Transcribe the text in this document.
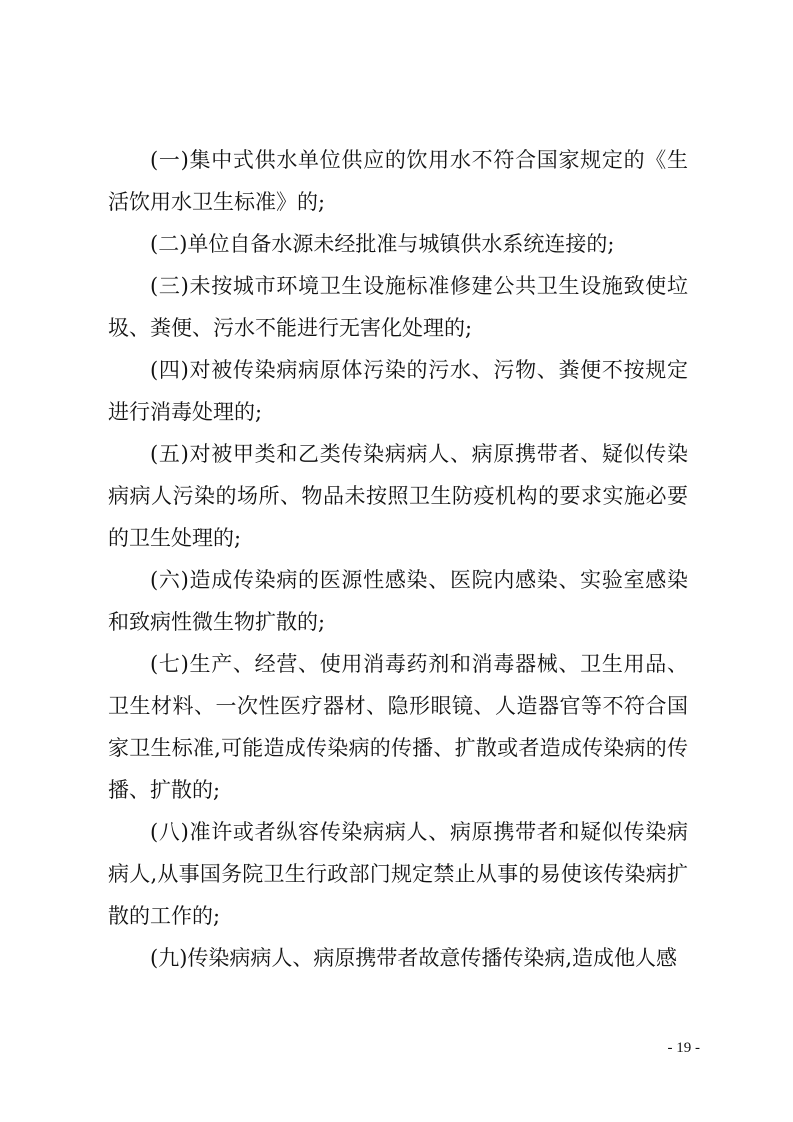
(一)集中式供水单位供应的饮用水不符合国家规定的《生活饮用水卫生标准》的;

(二)单位自备水源未经批准与城镇供水系统连接的;

(三)未按城市环境卫生设施标准修建公共卫生设施致使垃圾、粪便、污水不能进行无害化处理的;

(四)对被传染病病原体污染的污水、污物、粪便不按规定进行消毒处理的;

(五)对被甲类和乙类传染病病人、病原携带者、疑似传染病病人污染的场所、物品未按照卫生防疫机构的要求实施必要的卫生处理的;

(六)造成传染病的医源性感染、医院内感染、实验室感染和致病性微生物扩散的;

(七)生产、经营、使用消毒药剂和消毒器械、卫生用品、卫生材料、一次性医疗器材、隐形眼镜、人造器官等不符合国家卫生标准,可能造成传染病的传播、扩散或者造成传染病的传播、扩散的;

(八)准许或者纵容传染病病人、病原携带者和疑似传染病病人,从事国务院卫生行政部门规定禁止从事的易使该传染病扩散的工作的;

(九)传染病病人、病原携带者故意传播传染病,造成他人感

- 19 -
